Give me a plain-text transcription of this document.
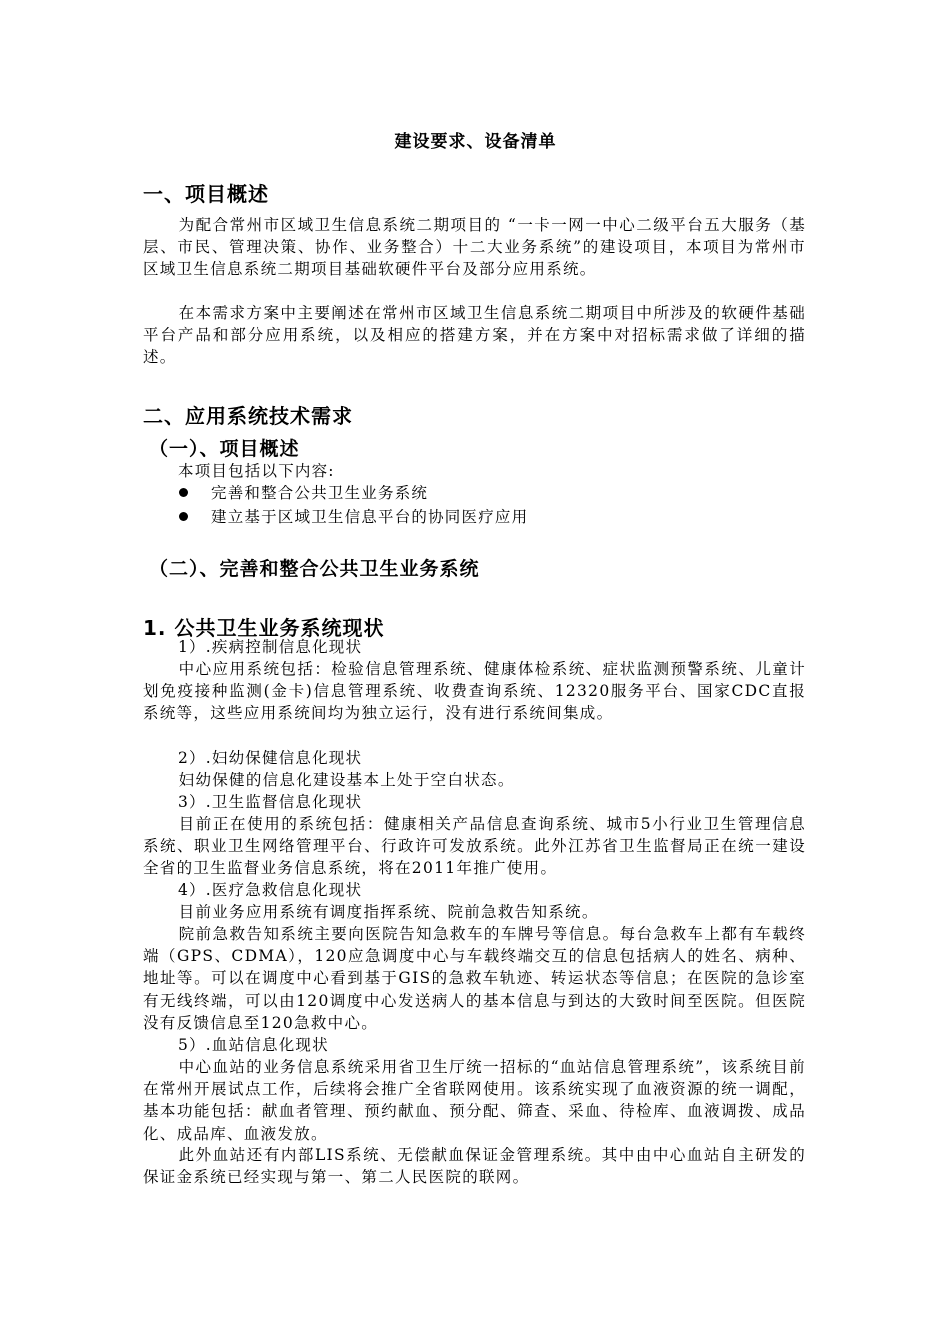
建设要求、设备清单
一、项目概述

为配合常州市区域卫生信息系统二期项目的 “一卡一网一中心二级平台五大服务（基层、市民、管理决策、协作、业务整合）十二大业务系统”的建设项目，本项目为常州市区域卫生信息系统二期项目基础软硬件平台及部分应用系统。

在本需求方案中主要阐述在常州市区域卫生信息系统二期项目中所涉及的软硬件基础平台产品和部分应用系统，以及相应的搭建方案，并在方案中对招标需求做了详细的描述。

二、应用系统技术需求
（一）、项目概述
本项目包括以下内容:
完善和整合公共卫生业务系统
建立基于区域卫生信息平台的协同医疗应用
（二）、完善和整合公共卫生业务系统
1. 公共卫生业务系统现状
1）.疾病控制信息化现状

中心应用系统包括：检验信息管理系统、健康体检系统、症状监测预警系统、儿童计划免疫接种监测(金卡)信息管理系统、收费查询系统、12320服务平台、国家CDC直报系统等，这些应用系统间均为独立运行，没有进行系统间集成。

2）.妇幼保健信息化现状

妇幼保健的信息化建设基本上处于空白状态。

3）.卫生监督信息化现状

目前正在使用的系统包括：健康相关产品信息查询系统、城市5小行业卫生管理信息系统、职业卫生网络管理平台、行政许可发放系统。此外江苏省卫生监督局正在统一建设全省的卫生监督业务信息系统，将在2011年推广使用。

4）.医疗急救信息化现状

目前业务应用系统有调度指挥系统、院前急救告知系统。

院前急救告知系统主要向医院告知急救车的车牌号等信息。每台急救车上都有车载终端（GPS、CDMA），120应急调度中心与车载终端交互的信息包括病人的姓名、病种、地址等。可以在调度中心看到基于GIS的急救车轨迹、转运状态等信息；在医院的急诊室有无线终端，可以由120调度中心发送病人的基本信息与到达的大致时间至医院。但医院没有反馈信息至120急救中心。

5）.血站信息化现状

中心血站的业务信息系统采用省卫生厅统一招标的“血站信息管理系统”，该系统目前在常州开展试点工作，后续将会推广全省联网使用。该系统实现了血液资源的统一调配，基本功能包括：献血者管理、预约献血、预分配、筛查、采血、待检库、血液调拨、成品化、成品库、血液发放。

此外血站还有内部LIS系统、无偿献血保证金管理系统。其中由中心血站自主研发的保证金系统已经实现与第一、第二人民医院的联网。
